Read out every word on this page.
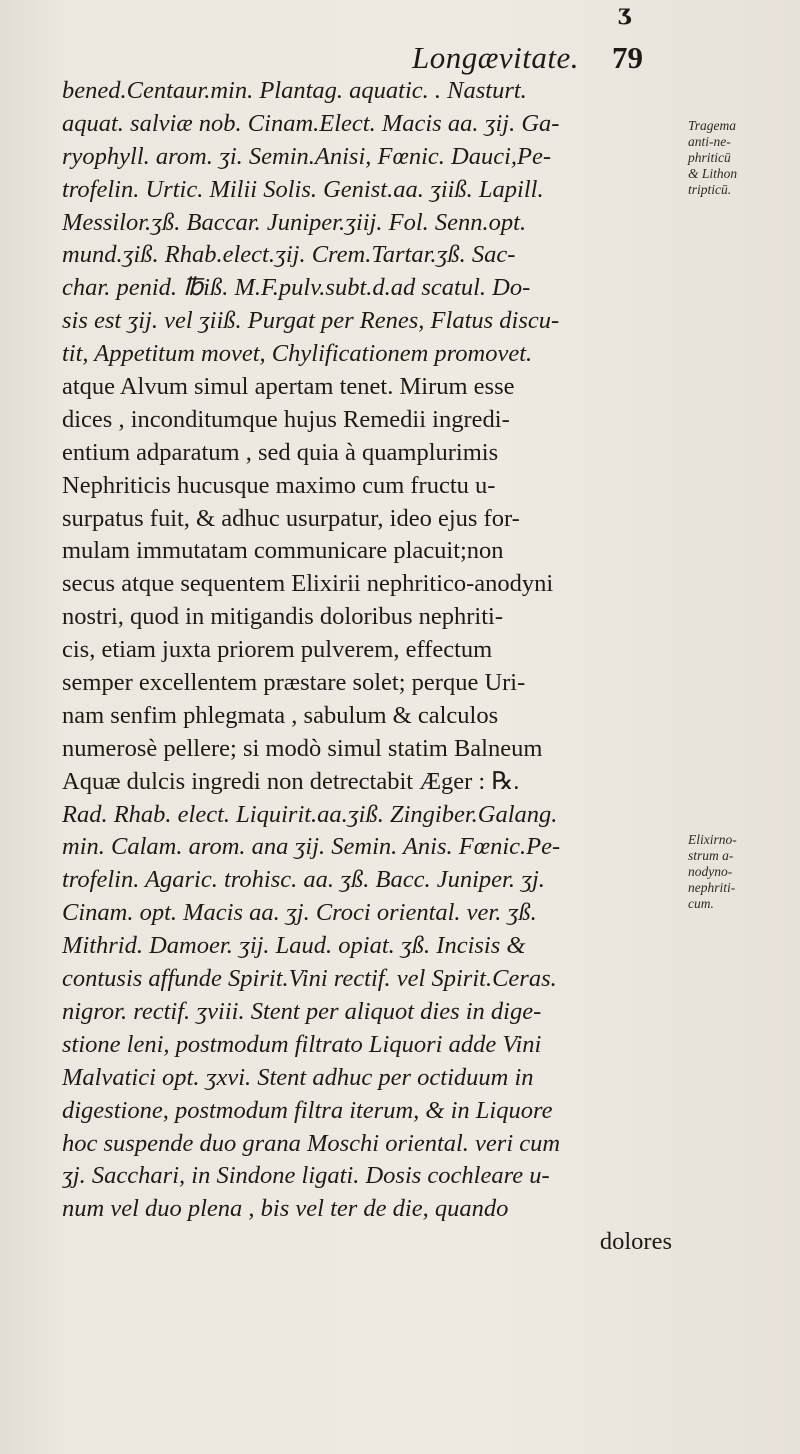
ʒ
Longævitate. 79
bened.Centaur.min. Plantag. aquatic. . Nasturt.
aquat. salviæ nob. Cinam.Elect. Macis aa. ʒij. Ga-
ryophyll. arom. ʒi. Semin.Anisi, Fœnic. Dauci,Pe-
trofelin. Urtic. Milii Solis. Genist.aa. ʒiiß. Lapill.
Messilor.ʒß. Baccar. Juniper.ʒiij. Fol. Senn.opt.
mund.ʒiß. Rhab.elect.ʒij. Crem.Tartar.ʒß. Sac-
char. penid. ℔iß. M.F.pulv.subt.d.ad scatul. Do-
sis est ʒij. vel ʒiiß. Purgat per Renes, Flatus discu-
tit, Appetitum movet, Chylificationem promovet.
atque Alvum simul apertam tenet. Mirum esse
dices , inconditumque hujus Remedii ingredi-
entium adparatum , sed quia à quamplurimis
Nephriticis hucusque maximo cum fructu u-
surpatus fuit, & adhuc usurpatur, ideo ejus for-
mulam immutatam communicare placuit;non
secus atque sequentem Elixirii nephritico-anodyni
nostri, quod in mitigandis doloribus nephriti-
cis, etiam juxta priorem pulverem, effectum
semper excellentem præstare solet; perque Uri-
nam senfim phlegmata , sabulum & calculos
numerosè pellere; si modò simul statim Balneum
Aquæ dulcis ingredi non detrectabit Æger : ℞.
Rad. Rhab. elect. Liquirit.aa.ʒiß. Zingiber.Galang.
min. Calam. arom. ana ʒij. Semin. Anis. Fœnic.Pe-
trofelin. Agaric. trohisc. aa. ʒß. Bacc. Juniper. ʒj.
Cinam. opt. Macis aa. ʒj. Croci oriental. ver. ʒß.
Mithrid. Damoer. ʒij. Laud. opiat. ʒß. Incisis &
contusis affunde Spirit.Vini rectif. vel Spirit.Ceras.
nigror. rectif. ʒviii. Stent per aliquot dies in dige-
stione leni, postmodum filtrato Liquori adde Vini
Malvatici opt. ʒxvi. Stent adhuc per octiduum in
digestione, postmodum filtra iterum, & in Liquore
hoc suspende duo grana Moschi oriental. veri cum
ʒj. Sacchari, in Sindone ligati. Dosis cochleare u-
num vel duo plena , bis vel ter de die, quando
dolores
Tragema
anti-ne-
phriticū
& Lithon
tripticū.
Elixirno-
strum a-
nodyno-
nephriti-
cum.
